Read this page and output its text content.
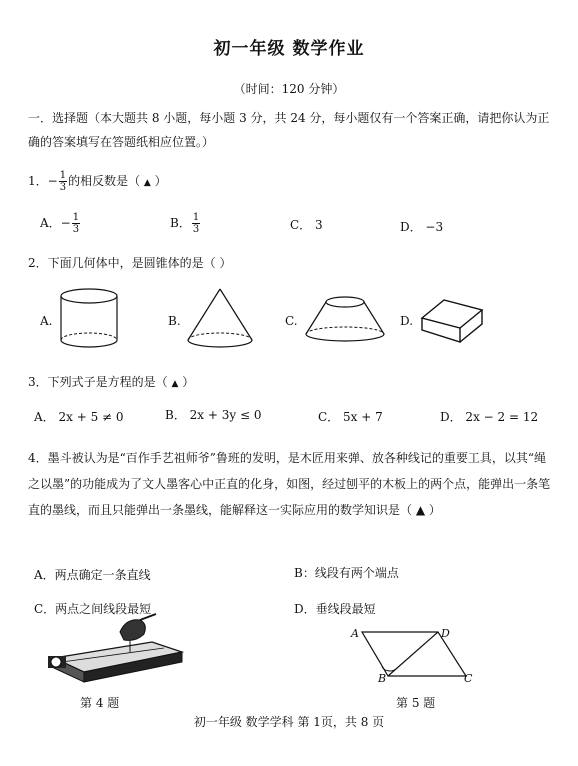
初一年级 数学作业
（时间：120 分钟）
一．选择题（本大题共 8 小题，每小题 3 分，共 24 分，每小题仅有一个答案正确，请把你认为正确的答案填写在答题纸相应位置。）
1．− $\frac{1}{3}$ 的相反数是（ ▲ ）
A．− $\frac{1}{3}$	B． $\frac{1}{3}$	C． 3	D． −3
2．下面几何体中，是圆锥体的是（ ）
A.	B.	C.	D.
3．下列式子是方程的是（ ▲ ）
A． 2x + 5 ≠ 0	B． 2x + 3y ≤ 0	C． 5x + 7	D． 2x − 2 = 12
4．墨斗被认为是“百作手艺祖师爷”鲁班的发明，是木匠用来弹、放各种线记的重要工具，以其“绳之以墨”的功能成为了文人墨客心中正直的化身，如图，经过刨平的木板上的两个点，能弹出一条笔直的墨线，而且只能弹出一条墨线，能解释这一实际应用的数学知识是（ ▲ ）
A．两点确定一条直线	B：线段有两个端点
C．两点之间线段最短	D．垂线段最短
第 4 题
A	D
B	C
第 5 题
初一年级 数学学科 第 1页，共 8 页
